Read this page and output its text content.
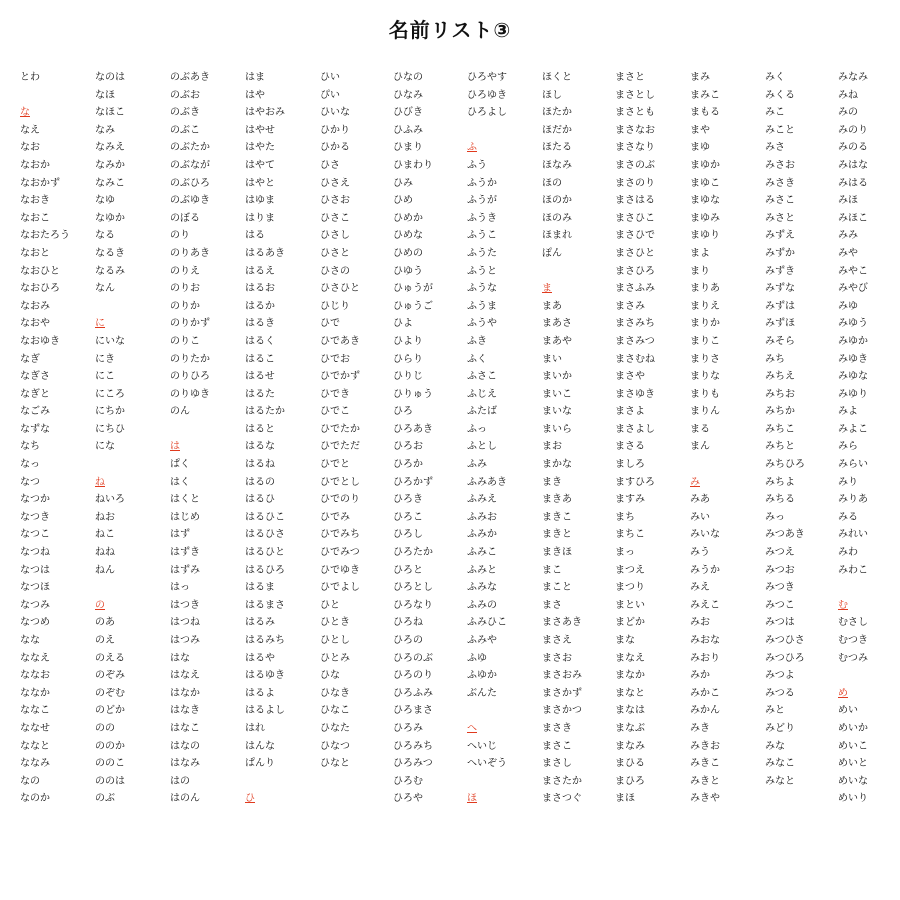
名前リスト③
とわ
な
なえ
なお
なおか
なおかず
なおき
なおこ
なおたろう
なおと
なおひと
なおひろ
なおみ
なおや
なおゆき
なぎ
なぎさ
なぎと
なごみ
なずな
なち
なっ
なつ
なつか
なつき
なつこ
なつね
なつは
なつほ
なつみ
なつめ
なな
ななえ
ななお
ななか
ななこ
ななせ
ななと
ななみ
なの
なのか
なのは
なほ
なほこ
なみ
なみえ
なみか
なみこ
なゆ
なゆか
なる
なるき
なるみ
なん
に
にいな
にき
にこ
にころ
にちか
にちひ
にな
ね
ねいろ
ねお
ねこ
ねね
ねん
の
のあ
のえ
のえる
のぞみ
のぞむ
のどか
のの
ののか
ののこ
ののは
のぶ
のぶあき
のぶお
のぶき
のぶこ
のぶたか
のぶなが
のぶひろ
のぶゆき
のぼる
のり
のりあき
のりえ
のりお
のりか
のりかず
のりこ
のりたか
のりひろ
のりゆき
のん
は
ぱく
はく
はくと
はじめ
はず
はずき
はずみ
はっ
はつき
はつね
はつみ
はな
はなえ
はなか
はなき
はなこ
はなの
はなみ
はの
はのん
はま
はや
はやおみ
はやせ
はやた
はやて
はやと
はゆま
はりま
はる
はるあき
はるえ
はるお
はるか
はるき
はるく
はるこ
はるせ
はるた
はるたか
はると
はるな
はるね
はるの
はるひ
はるひこ
はるひさ
はるひと
はるひろ
はるま
はるまさ
はるみ
はるみち
はるや
はるゆき
はるよ
はるよし
はれ
はんな
ぱんり
ひ
ひい
ぴい
ひいな
ひかり
ひかる
ひさ
ひさえ
ひさお
ひさこ
ひさし
ひさと
ひさの
ひさひと
ひじり
ひで
ひであき
ひでお
ひでかず
ひでき
ひでこ
ひでたか
ひでただ
ひでと
ひでとし
ひでのり
ひでみ
ひでみち
ひでみつ
ひでゆき
ひでよし
ひと
ひとき
ひとし
ひとみ
ひな
ひなき
ひなこ
ひなた
ひなつ
ひなと
ひなの
ひなみ
ひびき
ひふみ
ひまり
ひまわり
ひみ
ひめ
ひめか
ひめな
ひめの
ひゆう
ひゅうが
ひゅうご
ひよ
ひより
ひらり
ひりじ
ひりゅう
ひろ
ひろあき
ひろお
ひろか
ひろかず
ひろき
ひろこ
ひろし
ひろたか
ひろと
ひろとし
ひろなり
ひろね
ひろの
ひろのぶ
ひろのり
ひろふみ
ひろまさ
ひろみ
ひろみち
ひろみつ
ひろむ
ひろや
ひろやす
ひろゆき
ひろよし
ふ
ふう
ふうか
ふうが
ふうき
ふうこ
ふうた
ふうと
ふうな
ふうま
ふうや
ふき
ふく
ふさこ
ふじえ
ふたば
ふっ
ふとし
ふみ
ふみあき
ふみえ
ふみお
ふみか
ふみこ
ふみと
ふみな
ふみの
ふみひこ
ふみや
ふゆ
ふゆか
ぶんた
へ
へいじ
へいぞう
ほ
ほくと
ほし
ほたか
ほだか
ほたる
ほなみ
ほの
ほのか
ほのみ
ほまれ
ぽん
ま
まあ
まあさ
まあや
まい
まいか
まいこ
まいな
まいら
まお
まかな
まき
まきあ
まきこ
まきと
まきほ
まこ
まこと
まさ
まさあき
まさえ
まさお
まさおみ
まさかず
まさかつ
まさき
まさこ
まさし
まさたか
まさつぐ
まさと
まさとし
まさとも
まさなお
まさなり
まさのぶ
まさのり
まさはる
まさひこ
まさひで
まさひと
まさひろ
まさふみ
まさみ
まさみち
まさみつ
まさむね
まさや
まさゆき
まさよ
まさよし
まさる
ましろ
ますひろ
ますみ
まち
まちこ
まっ
まつえ
まつり
まとい
まどか
まな
まなえ
まなか
まなと
まなは
まなぶ
まなみ
まひる
まひろ
まほ
まみ
まみこ
まもる
まや
まゆ
まゆか
まゆこ
まゆな
まゆみ
まゆり
まよ
まり
まりあ
まりえ
まりか
まりこ
まりさ
まりな
まりも
まりん
まる
まん
み
みあ
みい
みいな
みう
みうか
みえ
みえこ
みお
みおな
みおり
みか
みかこ
みかん
みき
みきお
みきこ
みきと
みきや
みく
みくる
みこ
みこと
みさ
みさお
みさき
みさこ
みさと
みずえ
みずか
みずき
みずな
みずは
みずほ
みそら
みち
みちえ
みちお
みちか
みちこ
みちと
みちひろ
みちよ
みちる
みっ
みつあき
みつえ
みつお
みつき
みつこ
みつは
みつひさ
みつひろ
みつよ
みつる
みと
みどり
みな
みなこ
みなと
みなみ
みね
みの
みのり
みのる
みはな
みはる
みほ
みほこ
みみ
みや
みやこ
みやび
みゆ
みゆう
みゆか
みゆき
みゆな
みゆり
みよ
みよこ
みら
みらい
みり
みりあ
みる
みれい
みわ
みわこ
む
むさし
むつき
むつみ
め
めい
めいか
めいこ
めいと
めいな
めいり
